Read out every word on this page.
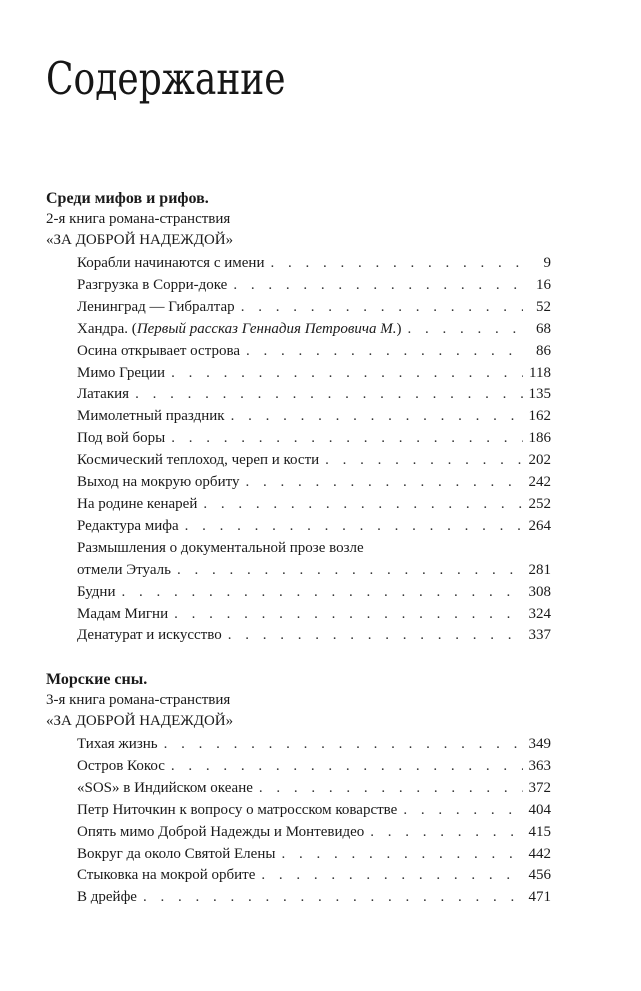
Содержание
Среди мифов и рифов.
2-я книга романа-странствия
«ЗА ДОБРОЙ НАДЕЖДОЙ»
Корабли начинаются с имени . . .	9
Разгрузка в Сорри-доке . . .	16
Ленинград — Гибралтар . . .	52
Хандра. (Первый рассказ Геннадия Петровича М.) . . .	68
Осина открывает острова . . .	86
Мимо Греции . . .	118
Латакия . . .	135
Мимолетный праздник . . .	162
Под вой боры . . .	186
Космический теплоход, череп и кости . . .	202
Выход на мокрую орбиту . . .	242
На родине кенарей . . .	252
Редактура мифа . . .	264
Размышления о документальной прозе возле
отмели Этуаль . . .	281
Будни . . .	308
Мадам Мигни . . .	324
Денатурат и искусство . . .	337
Морские сны.
3-я книга романа-странствия
«ЗА ДОБРОЙ НАДЕЖДОЙ»
Тихая жизнь . . .	349
Остров Кокос . . .	363
«SOS» в Индийском океане . . .	372
Петр Ниточкин к вопросу о матросском коварстве . . .	404
Опять мимо Доброй Надежды и Монтевидео . . .	415
Вокруг да около Святой Елены . . .	442
Стыковка на мокрой орбите . . .	456
В дрейфе . . .	471
